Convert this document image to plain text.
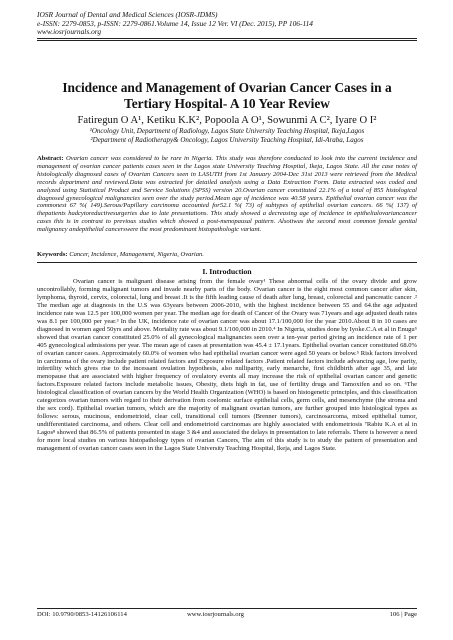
IOSR Journal of Dental and Medical Sciences (IOSR-JDMS)
e-ISSN: 2279-0853, p-ISSN: 2279-0861.Volume 14, Issue 12 Ver. VI (Dec. 2015), PP 106-114
www.iosrjournals.org
Incidence and Management of Ovarian Cancer Cases in a
Tertiary Hospital- A 10 Year Review
Fatiregun O A¹, Ketiku K.K², Popoola A O¹, Sowunmi A C², Iyare O I²
¹Oncology Unit, Department of Radiology, Lagos State University Teaching Hospital, Ikeja,Lagos
²Department of Radiotherapy& Oncology, Lagos University Teaching Hospital, Idi-Araba, Lagos
Abstract: Ovarian cancer was considered to be rare in Nigeria. This study was therefore conducted to look into the current incidence and management of ovarian cancer patients cases seen in the Lagos state University Teaching Hospital, Ikeja, Lagos State. All the case notes of histologically diagnosed cases of Ovarian Cancers seen in LASUTH from 1st January 2004-Dec 31st 2013 were retrieved from the Medical records department and reviewed.Data was extracted for detailed analysis using a Data Extraction Form. Data extracted was coded and analyzed using Statistical Product and Service Solutions (SPSS) version 20.Ovarian cancer constituted 22.1% of a total of 855 histological diagnosed gynecological malignancies seen over the study period.Mean age of incidence was 40.58 years. Epithelial ovarian cancer was the commonest 67 %( 149).Serous/Papillary carcinoma accounted for52.1 %( 73) of subtypes of epithelial ovarian cancers. 66 %( 137) of thepatients hadcytoreductivesurgeries due to late presentations. This study showed a decreasing age of incidence in epithelialovariancancer cases this is in contrast to previous studies which showed a post-menopausal pattern. Alsoitwas the second most common female genital malignancy andepithelial cancerswere the most predominant histopathologic variant.
Keywords: Cancer, Incidence, Management, Nigeria, Ovarian.
I. Introduction

Ovarian cancer is malignant disease arising from the female ovary¹ These abnormal cells of the ovary divide and grow uncontrollably, forming malignant tumors and invade nearby parts of the body. Ovarian cancer is the eight most common cancer after skin, lymphoma, thyroid, cervix, colorectal, lung and breast .It is the fifth leading cause of death after lung, breast, colorectal and pancreatic cancer .² The median age at diagnosis in the U.S was 63years between 2006-2010, with the highest incidence between 55 and 64.the age adjusted incidence rate was 12.5 per 100,000 women per year. The median age for death of Cancer of the Ovary was 71years and age adjusted death rates was 8.1 per 100,000 per year.³ In the UK, incidence rate of ovarian cancer was about 17.1/100,000 for the year 2010.About 8 in 10 cases are diagnosed in women aged 50yrs and above. Mortality rate was about 9.1/100,000 in 2010.⁴ In Nigeria, studies done by Iyoke.C.A et al in Enugu⁵ showed that ovarian cancer constituted 25.0% of all gynecological malignancies seen over a ten-year period giving an incidence rate of 1 per 405 gynecological admissions per year. The mean age of cases at presentation was 45.4 ± 17.1years. Epithelial ovarian cancer constituted 68.0% of ovarian cancer cases. Approximately 60.0% of women who had epithelial ovarian cancer were aged 50 years or below.⁵ Risk factors involved in carcinoma of the ovary include patient related factors and Exposure related factors .Patient related factors include advancing age, low parity, infertility which gives rise to the incessant ovulation hypothesis, also nulliparity, early menarche, first childbirth after age 35, and late menopause that are associated with higher frequency of ovulatory events all may increase the risk of epithelial ovarian cancer and genetic factors.Exposure related factors include metabolic issues, Obesity, diets high in fat, use of fertility drugs and Tamoxifen and so on. ⁶The histological classification of ovarian cancers by the World Health Organization (WHO) is based on histogenetic principles, and this classification categorizes ovarian tumors with regard to their derivation from coelomic surface epithelial cells, germ cells, and mesenchyme (the stroma and the sex cord). Epithelial ovarian tumors, which are the majority of malignant ovarian tumors, are further grouped into histological types as follows: serous, mucinous, endometrioid, clear cell, transitional cell tumors (Brenner tumors), carcinosarcoma, mixed epithelial tumor, undifferentiated carcinoma, and others. Clear cell and endometrioid carcinomas are highly associated with endometriosis ⁷Rabiu K.A et al in Lagos⁸ showed that 86.5% of patients presented in stage 3 &4 and associated the delays in presentation to late referrals. There is however a need for more local studies on various histopathology types of ovarian Cancers, The aim of this study is to study the pattern of presentation and management of ovarian cancer cases seen in the Lagos State University Teaching Hospital, Ikeja, and Lagos State.

DOI: 10.9790/0853-14126106114	www.iosrjournals.org	106 | Page
